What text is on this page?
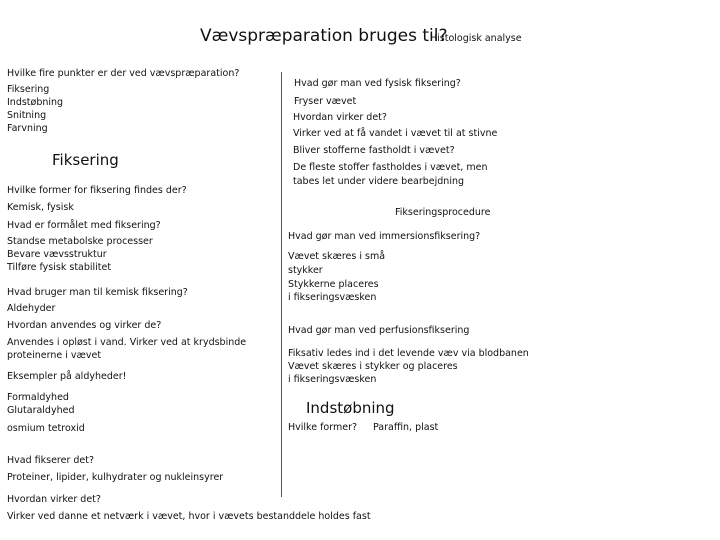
Vævspræparation bruges til?
Histologisk analyse
Hvilke fire punkter er der ved vævspræparation?
Fiksering
Indstøbning
Snitning
Farvning
Fiksering
Hvilke former for fiksering findes der?
Kemisk, fysisk
Hvad er formålet med fiksering?
Standse metabolske processer
Bevare vævsstruktur
Tilføre fysisk stabilitet
Hvad bruger man til kemisk fiksering?
Aldehyder
Hvordan anvendes og virker de?
Anvendes i opløst i vand. Virker ved at krydsbinde
proteinerne i vævet
Eksempler på aldyheder!
Formaldyhed
Glutaraldyhed
osmium tetroxid
Hvad fikserer det?
Proteiner, lipider, kulhydrater og nukleinsyrer
Hvordan virker det?
Virker ved danne et netværk i vævet, hvor i vævets bestanddele holdes fast
Hvad gør man ved fysisk fiksering?
Fryser vævet
Hvordan virker det?
Virker ved at få vandet i vævet til at stivne
Bliver stofferne fastholdt i vævet?
De fleste stoffer fastholdes i vævet, men
tabes let under videre bearbejdning
Fikseringsprocedure
Hvad gør man ved immersionsfiksering?
Vævet skæres i små
stykker
Stykkerne placeres
i fikseringsvæsken
Hvad gør man ved perfusionsfiksering
Fiksativ ledes ind i det levende væv via blodbanen
Vævet skæres i stykker og placeres
i fikseringsvæsken
Indstøbning
Hvilke former? Paraffin, plast
